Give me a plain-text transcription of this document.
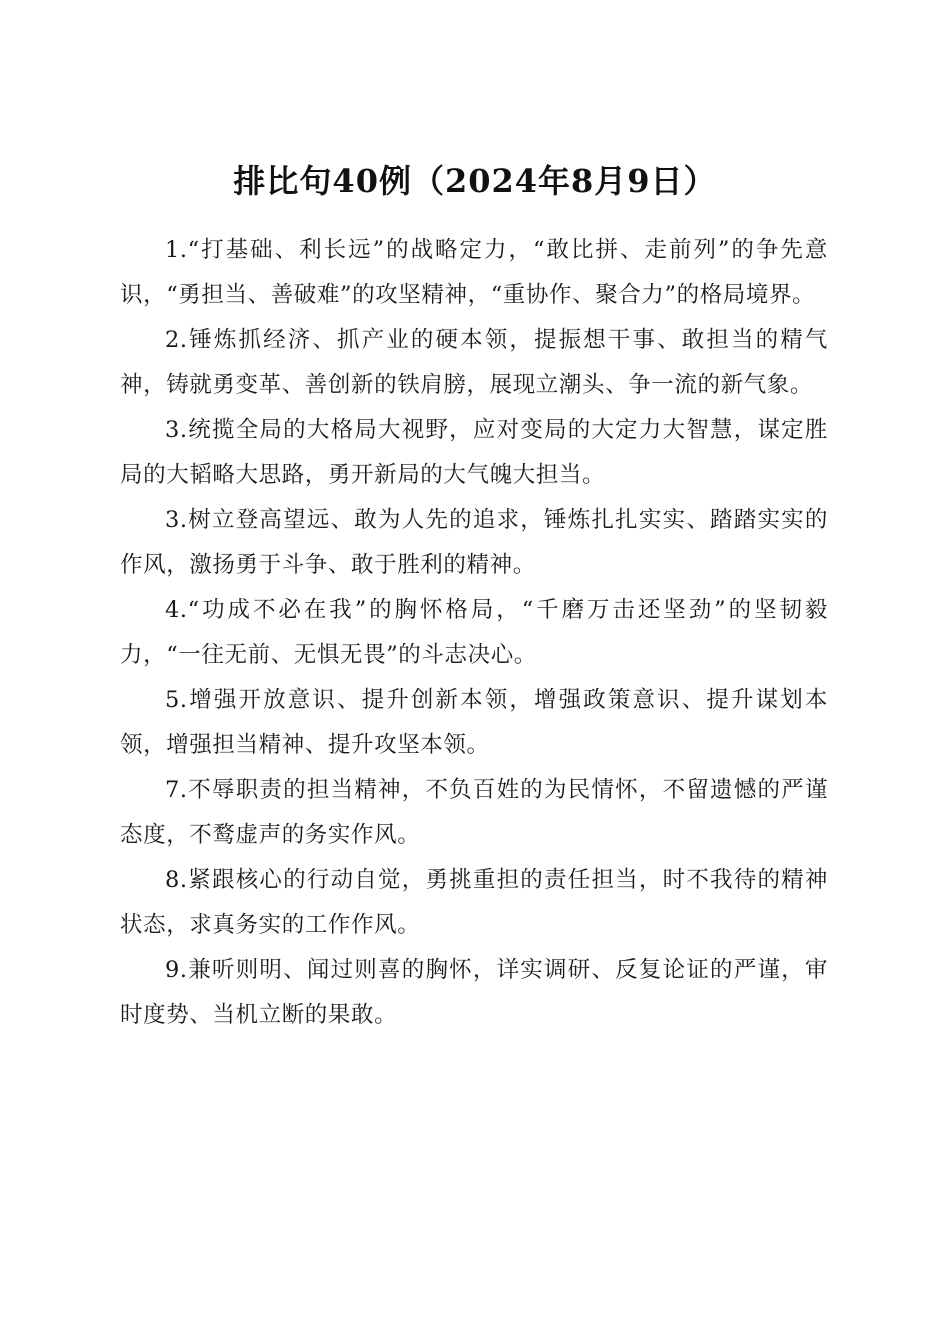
排比句40例（2024年8月9日）

1.“打基础、利长远”的战略定力，“敢比拼、走前列”的争先意识，“勇担当、善破难”的攻坚精神，“重协作、聚合力”的格局境界。

2.锤炼抓经济、抓产业的硬本领，提振想干事、敢担当的精气神，铸就勇变革、善创新的铁肩膀，展现立潮头、争一流的新气象。

3.统揽全局的大格局大视野，应对变局的大定力大智慧，谋定胜局的大韬略大思路，勇开新局的大气魄大担当。

3.树立登高望远、敢为人先的追求，锤炼扎扎实实、踏踏实实的作风，激扬勇于斗争、敢于胜利的精神。

4.“功成不必在我”的胸怀格局，“千磨万击还坚劲”的坚韧毅力，“一往无前、无惧无畏”的斗志决心。

5.增强开放意识、提升创新本领，增强政策意识、提升谋划本领，增强担当精神、提升攻坚本领。

7.不辱职责的担当精神，不负百姓的为民情怀，不留遗憾的严谨态度，不鹜虚声的务实作风。

8.紧跟核心的行动自觉，勇挑重担的责任担当，时不我待的精神状态，求真务实的工作作风。

9.兼听则明、闻过则喜的胸怀，详实调研、反复论证的严谨，审时度势、当机立断的果敢。
